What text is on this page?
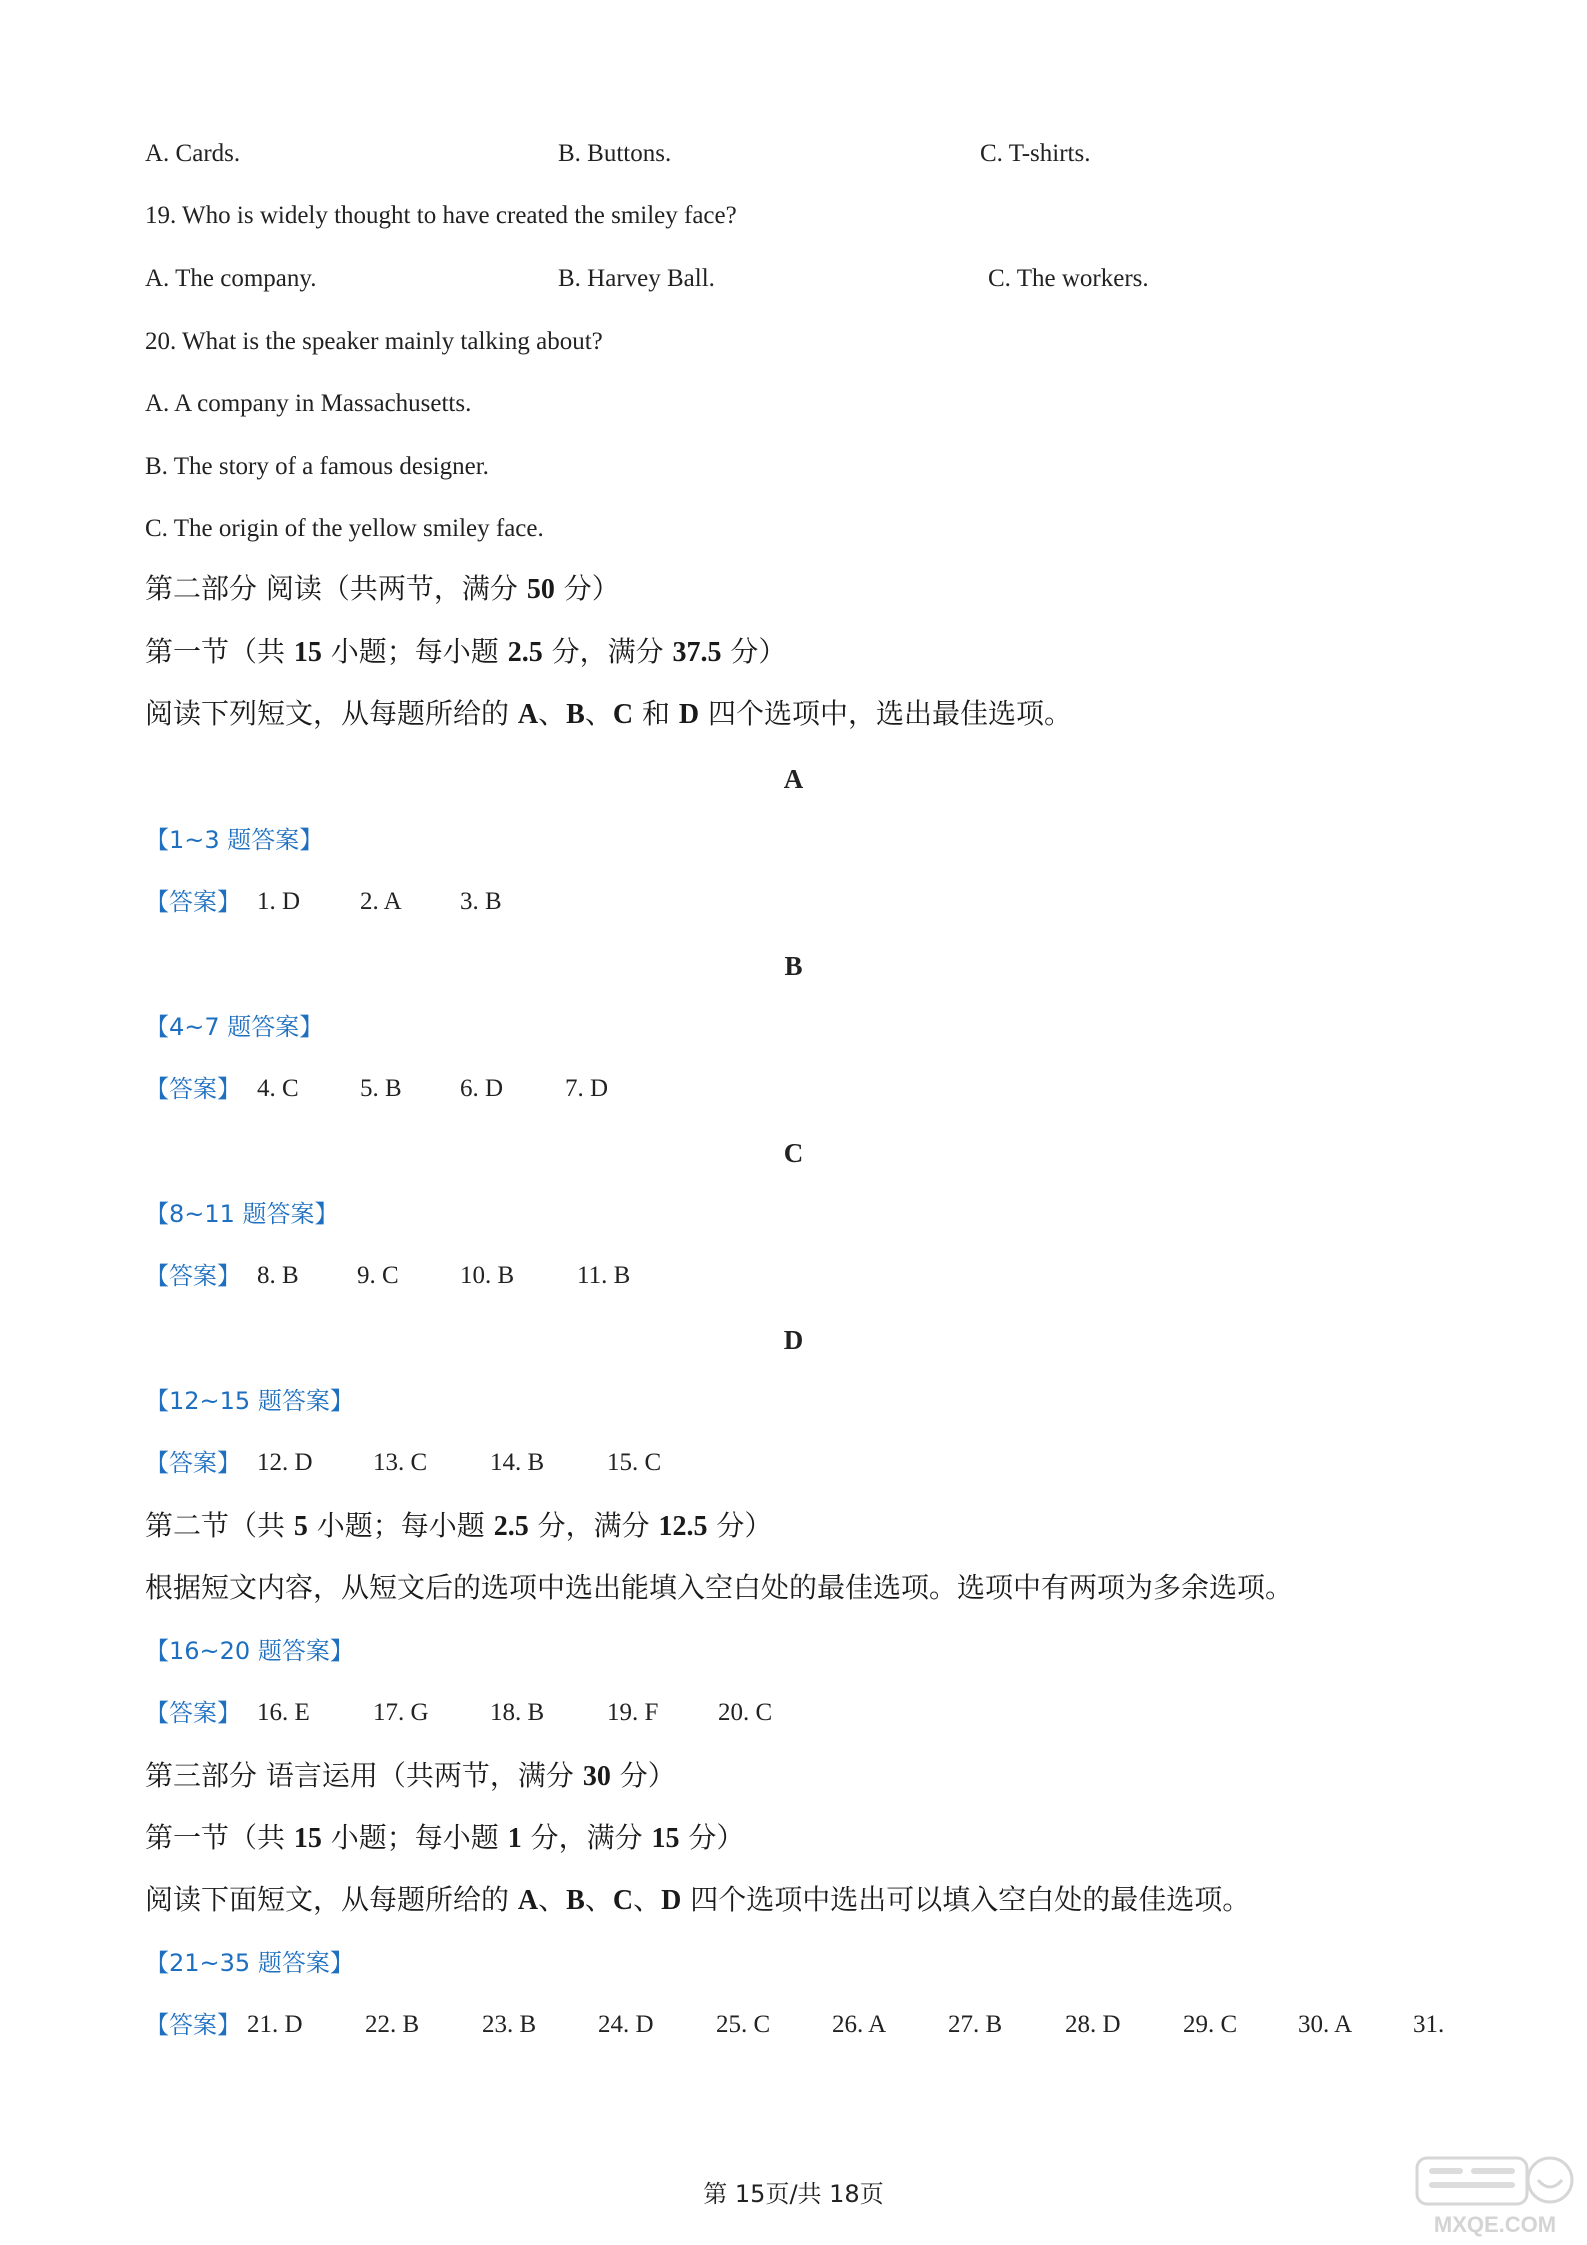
A. Cards.	B. Buttons.	C. T-shirts.
19. Who is widely thought to have created the smiley face?
A. The company.	B. Harvey Ball.	C. The workers.
20. What is the speaker mainly talking about?
A. A company in Massachusetts.
B. The story of a famous designer.
C. The origin of the yellow smiley face.
第二部分 阅读（共两节，满分 50 分）
第一节（共 15 小题；每小题 2.5 分，满分 37.5 分）
阅读下列短文，从每题所给的 A、B、C 和 D 四个选项中，选出最佳选项。
A
【1~3 题答案】
【答案】 1. D 2. A 3. B
B
【4~7 题答案】
【答案】 4. C 5. B 6. D 7. D
C
【8~11 题答案】
【答案】 8. B 9. C 10. B	11. B
D
【12~15 题答案】
【答案】 12. D 13. C	14. B	15. C
第二节（共 5 小题；每小题 2.5 分，满分 12.5 分）
根据短文内容，从短文后的选项中选出能填入空白处的最佳选项。选项中有两项为多余选项。
【16~20 题答案】
【答案】 16. E	17. G 18. B	19. F 20. C
第三部分 语言运用（共两节，满分 30 分）
第一节（共 15 小题；每小题 1 分，满分 15 分）
阅读下面短文，从每题所给的 A、B、C、D 四个选项中选出可以填入空白处的最佳选项。
【21~35 题答案】
【答案】 21. D 22. B	23. B 24. D 25. C 26. A 27. B	28. D 29. C 30. A 31.
第 15页/共 18页
MXQE.COM
